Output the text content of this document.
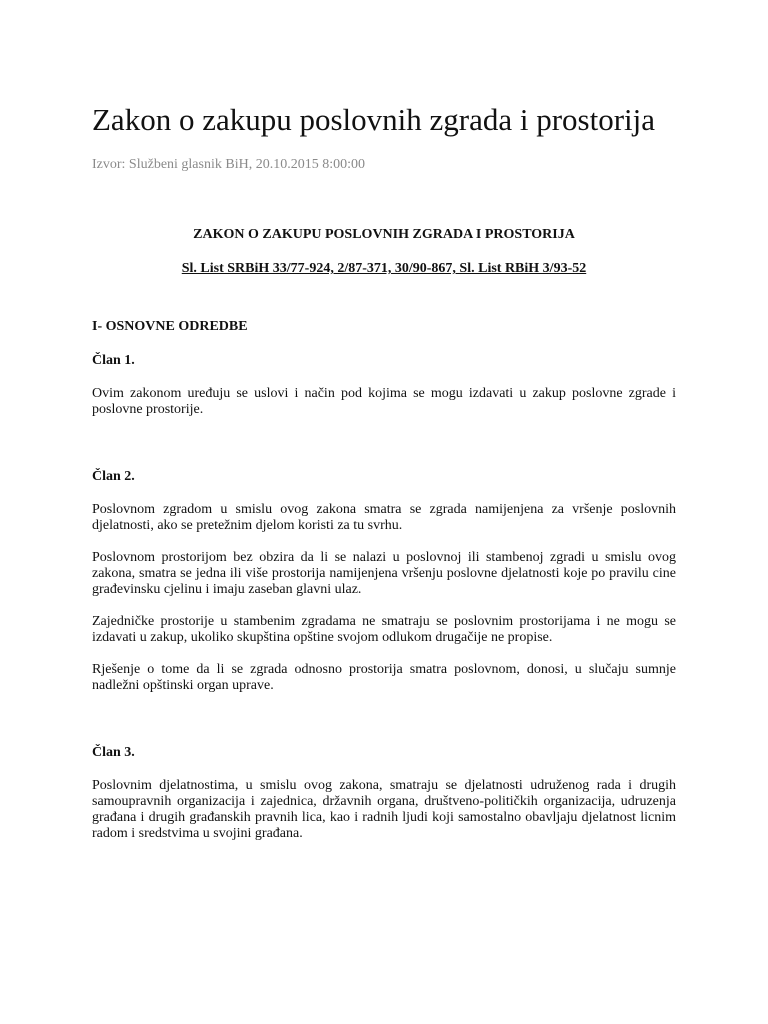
Zakon o zakupu poslovnih zgrada i prostorija

Izvor: Službeni glasnik BiH, 20.10.2015 8:00:00

ZAKON O ZAKUPU POSLOVNIH ZGRADA I PROSTORIJA

Sl. List SRBiH 33/77-924, 2/87-371, 30/90-867, Sl. List RBiH 3/93-52

I- OSNOVNE ODREDBE

Član 1.

Ovim zakonom uređuju se uslovi i način pod kojima se mogu izdavati u zakup poslovne zgrade i poslovne prostorije.

Član 2.

Poslovnom zgradom u smislu ovog zakona smatra se zgrada namijenjena za vršenje poslovnih djelatnosti, ako se pretežnim djelom koristi za tu svrhu.

Poslovnom prostorijom bez obzira da li se nalazi u poslovnoj ili stambenoj zgradi u smislu ovog zakona, smatra se jedna ili više prostorija namijenjena vršenju poslovne djelatnosti koje po pravilu cine građevinsku cjelinu i imaju zaseban glavni ulaz.

Zajedničke prostorije u stambenim zgradama ne smatraju se poslovnim prostorijama i ne mogu se izdavati u zakup, ukoliko skupština opštine svojom odlukom drugačije ne propise.

Rješenje o tome da li se zgrada odnosno prostorija smatra poslovnom, donosi, u slučaju sumnje nadležni opštinski organ uprave.

Član 3.

Poslovnim djelatnostima, u smislu ovog zakona, smatraju se djelatnosti udruženog rada i drugih samoupravnih organizacija i zajednica, državnih organa, društveno-političkih organizacija, udruzenja građana i drugih građanskih pravnih lica, kao i radnih ljudi koji samostalno obavljaju djelatnost licnim radom i sredstvima u svojini građana.
